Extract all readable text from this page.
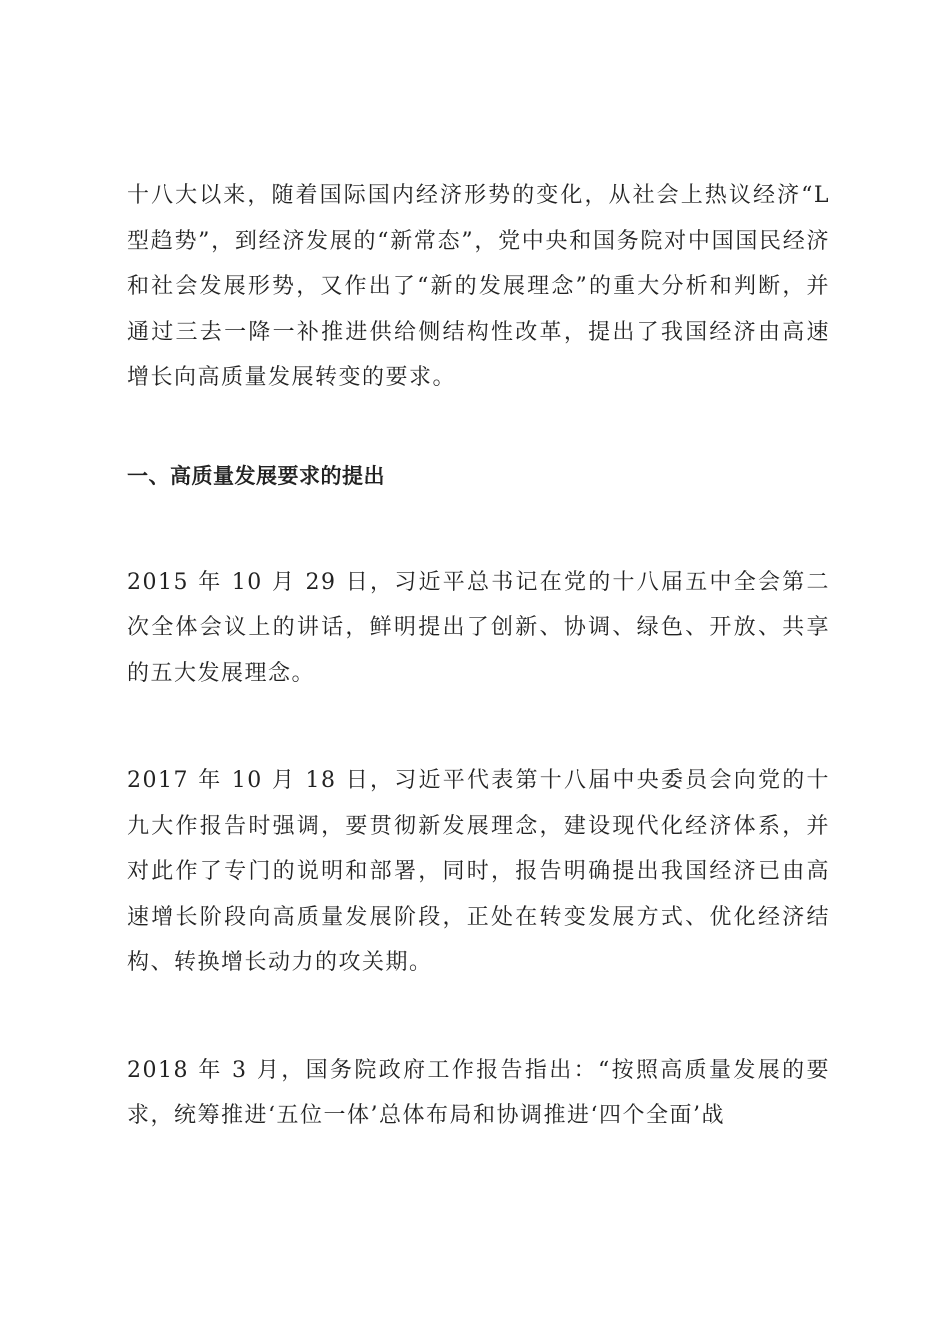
十八大以来，随着国际国内经济形势的变化，从社会上热议经济“L 型趋势”，到经济发展的“新常态”，党中央和国务院对中国国民经济和社会发展形势，又作出了“新的发展理念”的重大分析和判断，并通过三去一降一补推进供给侧结构性改革，提出了我国经济由高速增长向高质量发展转变的要求。

一、高质量发展要求的提出

2015 年 10 月 29 日，习近平总书记在党的十八届五中全会第二次全体会议上的讲话，鲜明提出了创新、协调、绿色、开放、共享的五大发展理念。

2017 年 10 月 18 日，习近平代表第十八届中央委员会向党的十九大作报告时强调，要贯彻新发展理念，建设现代化经济体系，并对此作了专门的说明和部署，同时，报告明确提出我国经济已由高速增长阶段向高质量发展阶段，正处在转变发展方式、优化经济结构、转换增长动力的攻关期。

2018 年 3 月，国务院政府工作报告指出：“按照高质量发展的要求，统筹推进‘五位一体’总体布局和协调推进‘四个全面’战
